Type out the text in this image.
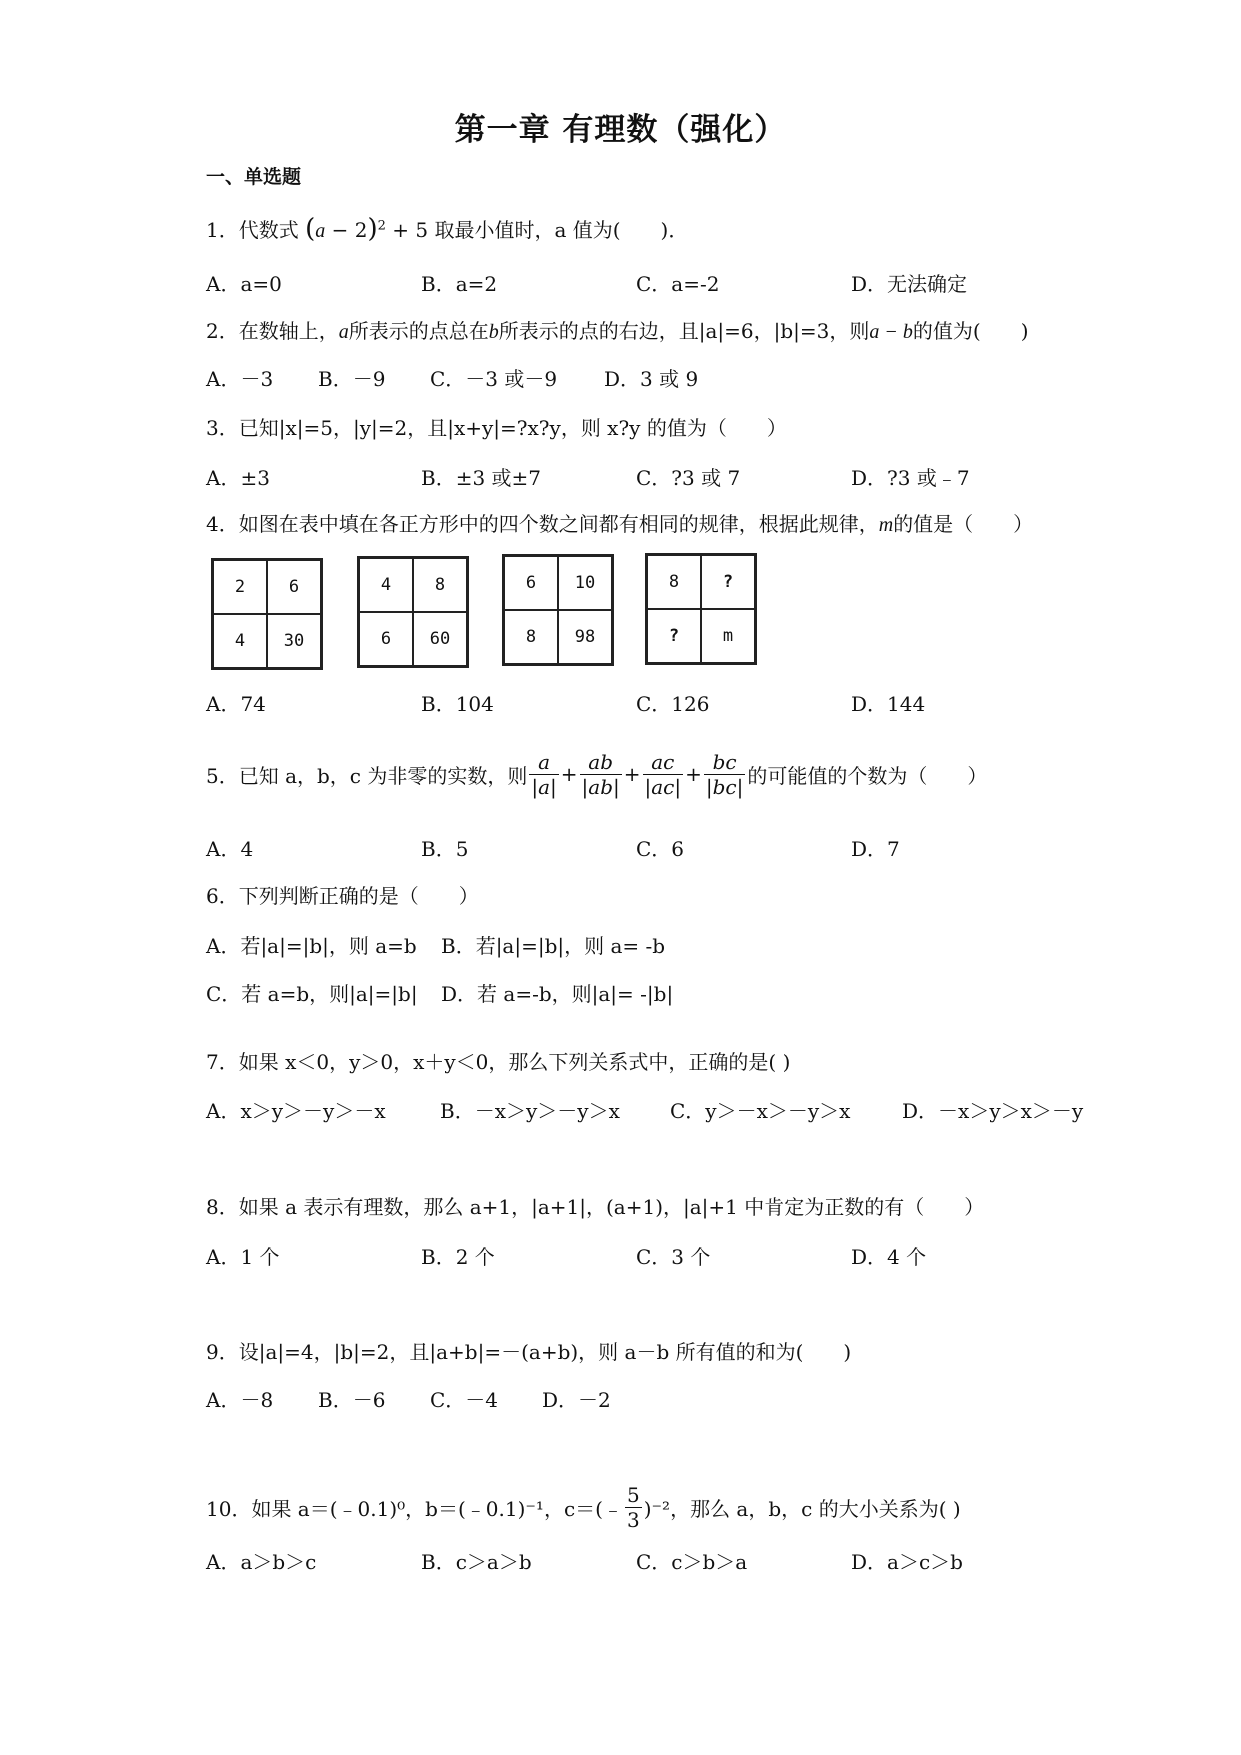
第一章 有理数（强化）
一、单选题
1．代数式 $(a - 2)^2 + 5$ 取最小值时，a 值为(　　)．
A．a=0	B．a=2	C．a=-2	D．无法确定
2．在数轴上，a所表示的点总在b所表示的点的右边，且|a|=6，|b|=3，则a − b的值为(　　)
A．－3 B．－9 C．－3 或－9 D．3 或 9
3．已知|x|=5，|y|=2，且|x+y|=?x?y，则 x?y 的值为（　　）
A．±3	B．±3 或±7	C．?3 或 7	D．?3 或﹣7
4．如图在表中填在各正方形中的四个数之间都有相同的规律，根据此规律，m的值是（　　）
2	6
4	30
4	8
6	60
6	10
8	98
8	?
?	m
A．74	B．104	C．126	D．144
5．已知 a，b，c 为非零的实数，则 $\frac{a}{|a|} + \frac{ab}{|ab|} + \frac{ac}{|ac|} + \frac{bc}{|bc|}$ 的可能值的个数为（　　）
A．4	B．5	C．6	D．7
6．下列判断正确的是（　　）
A．若|a|=|b|，则 a=b B．若|a|=|b|，则 a= -b
C．若 a=b，则|a|=|b| D．若 a=-b，则|a|= -|b|
7．如果 x＜0，y＞0，x＋y＜0，那么下列关系式中，正确的是( )
A．x＞y＞－y＞－x	B．－x＞y＞－y＞x	C．y＞－x＞－y＞x	D．－x＞y＞x＞－y
8．如果 a 表示有理数，那么 a+1，|a+1|，(a+1)，|a|+1 中肯定为正数的有（　　）
A．1 个	B．2 个	C．3 个	D．4 个
9．设|a|=4，|b|=2，且|a+b|=－(a+b)，则 a－b 所有值的和为(　　)
A．－8 B．－6 C．－4 D．－2
10．如果 a＝(﹣0.1)⁰，b＝(﹣0.1)⁻¹，c＝(﹣ $\frac{5}{3} )^{-2}$，那么 a，b，c 的大小关系为( )
A．a＞b＞c	B．c＞a＞b	C．c＞b＞a	D．a＞c＞b
